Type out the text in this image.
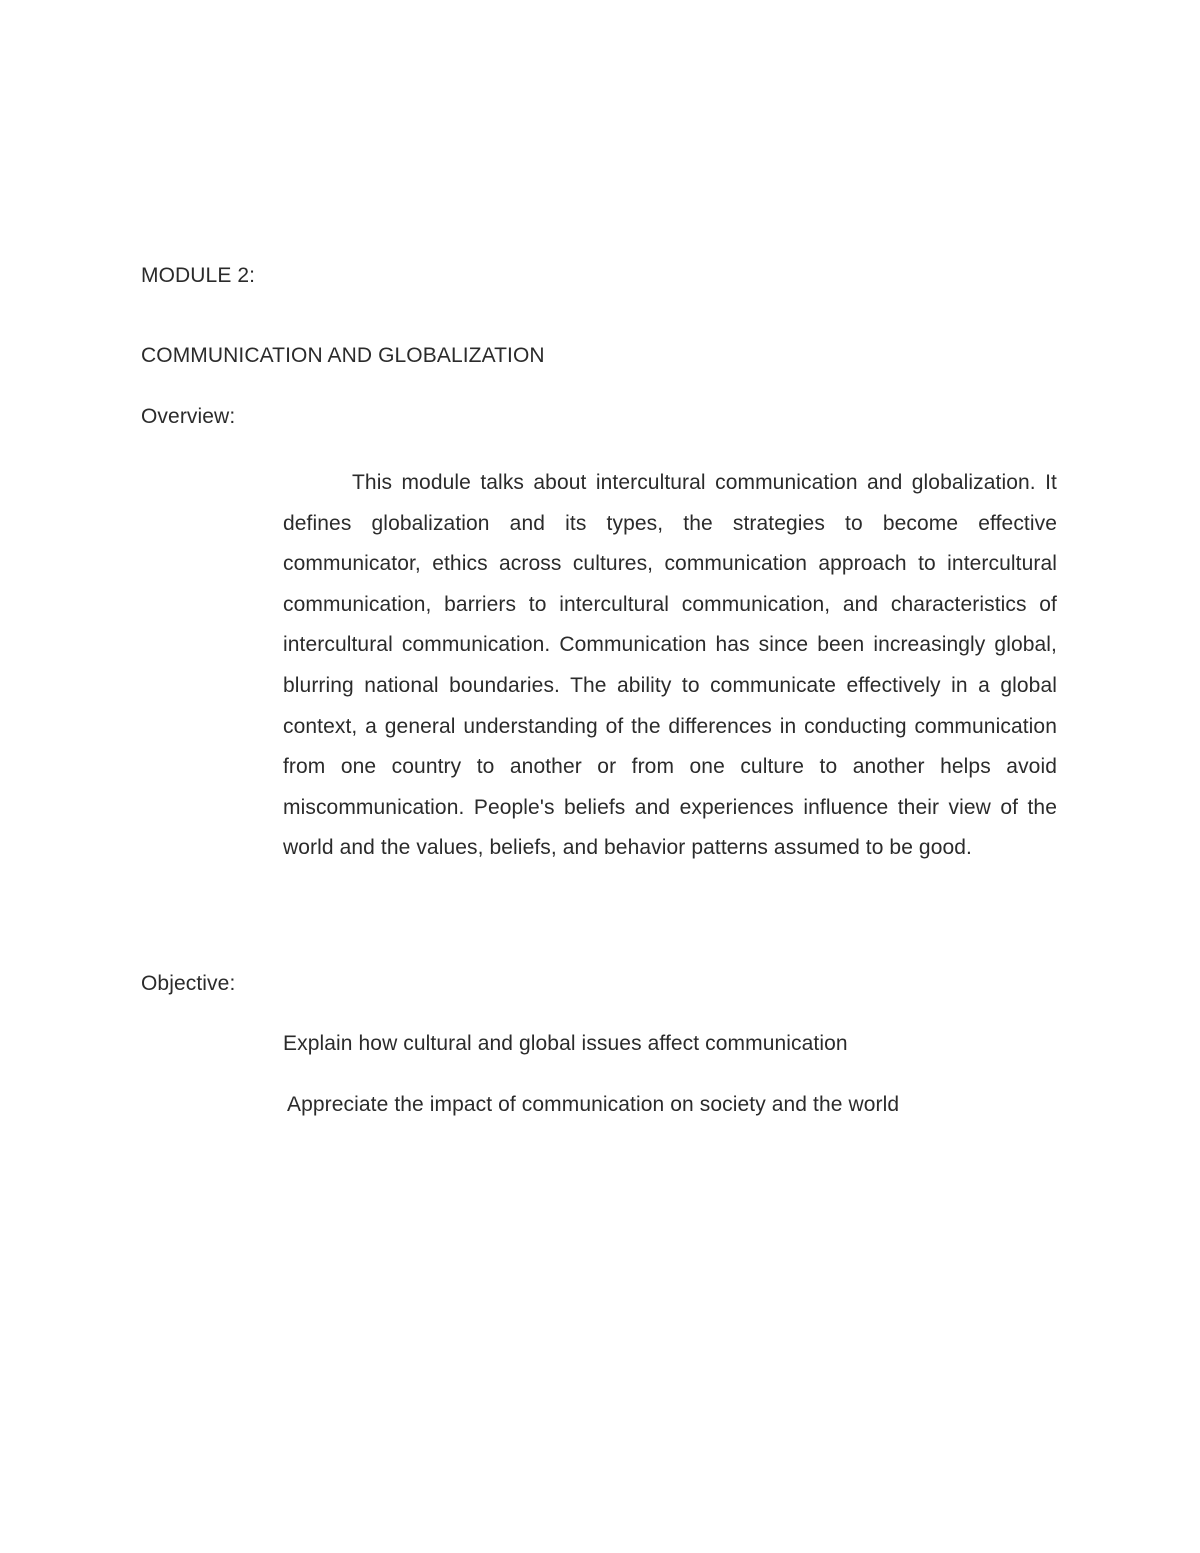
MODULE 2:
COMMUNICATION AND GLOBALIZATION
Overview:
This module talks about intercultural communication and globalization. It defines globalization and its types, the strategies to become effective communicator, ethics across cultures, communication approach to intercultural communication, barriers to intercultural communication, and characteristics of intercultural communication. Communication has since been increasingly global, blurring national boundaries. The ability to communicate effectively in a global context, a general understanding of the differences in conducting communication from one country to another or from one culture to another helps avoid miscommunication. People's beliefs and experiences influence their view of the world and the values, beliefs, and behavior patterns assumed to be good.
Objective:
Explain how cultural and global issues affect communication
Appreciate the impact of communication on society and the world
